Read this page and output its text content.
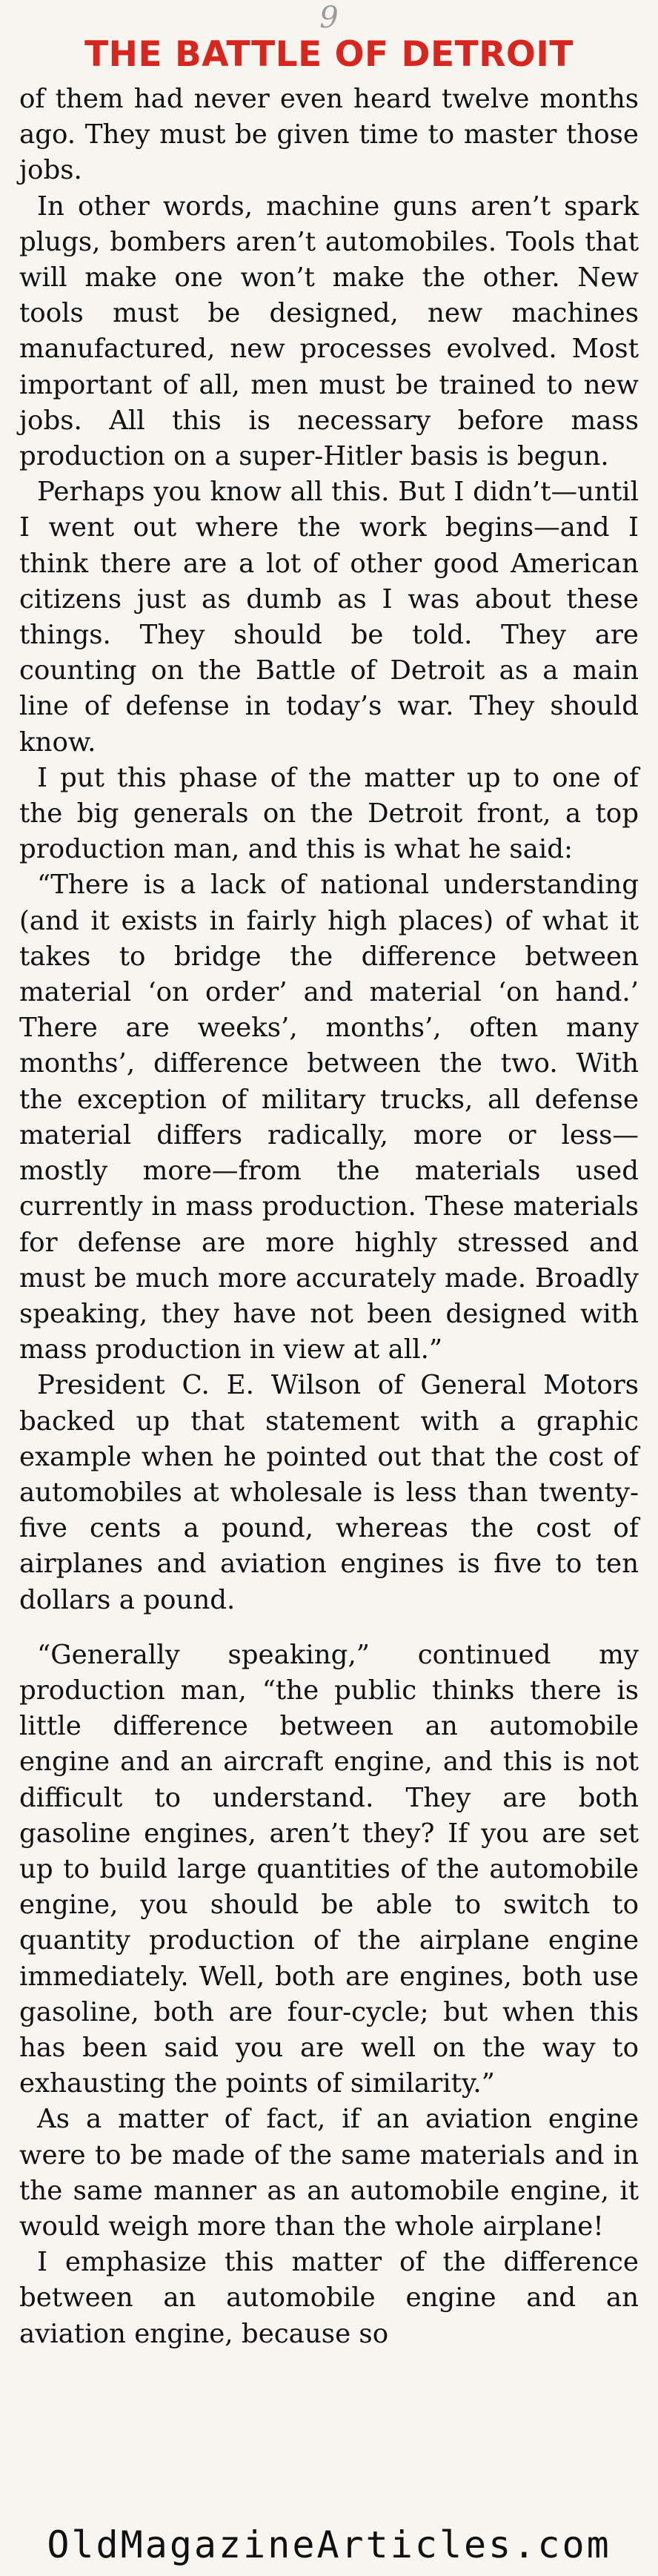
9
THE BATTLE OF DETROIT

of them had never even heard twelve months ago. They must be given time to master those jobs.

In other words, machine guns aren’t spark plugs, bombers aren’t automobiles. Tools that will make one won’t make the other. New tools must be designed, new machines manufactured, new processes evolved. Most important of all, men must be trained to new jobs. All this is necessary before mass production on a super-Hitler basis is begun.

Perhaps you know all this. But I didn’t—until I went out where the work begins—and I think there are a lot of other good American citizens just as dumb as I was about these things. They should be told. They are counting on the Battle of Detroit as a main line of defense in today’s war. They should know.

I put this phase of the matter up to one of the big generals on the Detroit front, a top production man, and this is what he said:

“There is a lack of national understanding (and it exists in fairly high places) of what it takes to bridge the difference between material ‘on order’ and material ‘on hand.’ There are weeks’, months’, often many months’, difference between the two. With the exception of military trucks, all defense material differs radically, more or less—mostly more—from the materials used currently in mass production. These materials for defense are more highly stressed and must be much more accurately made. Broadly speaking, they have not been designed with mass production in view at all.”

President C. E. Wilson of General Motors backed up that statement with a graphic example when he pointed out that the cost of automobiles at wholesale is less than twenty-five cents a pound, whereas the cost of airplanes and aviation engines is five to ten dollars a pound.

“Generally speaking,” continued my production man, “the public thinks there is little difference between an automobile engine and an aircraft engine, and this is not difficult to understand. They are both gasoline engines, aren’t they? If you are set up to build large quantities of the automobile engine, you should be able to switch to quantity production of the airplane engine immediately. Well, both are engines, both use gasoline, both are four-cycle; but when this has been said you are well on the way to exhausting the points of similarity.”

As a matter of fact, if an aviation engine were to be made of the same materials and in the same manner as an automobile engine, it would weigh more than the whole airplane!

I emphasize this matter of the difference between an automobile engine and an aviation engine, because so

OldMagazineArticles.com
